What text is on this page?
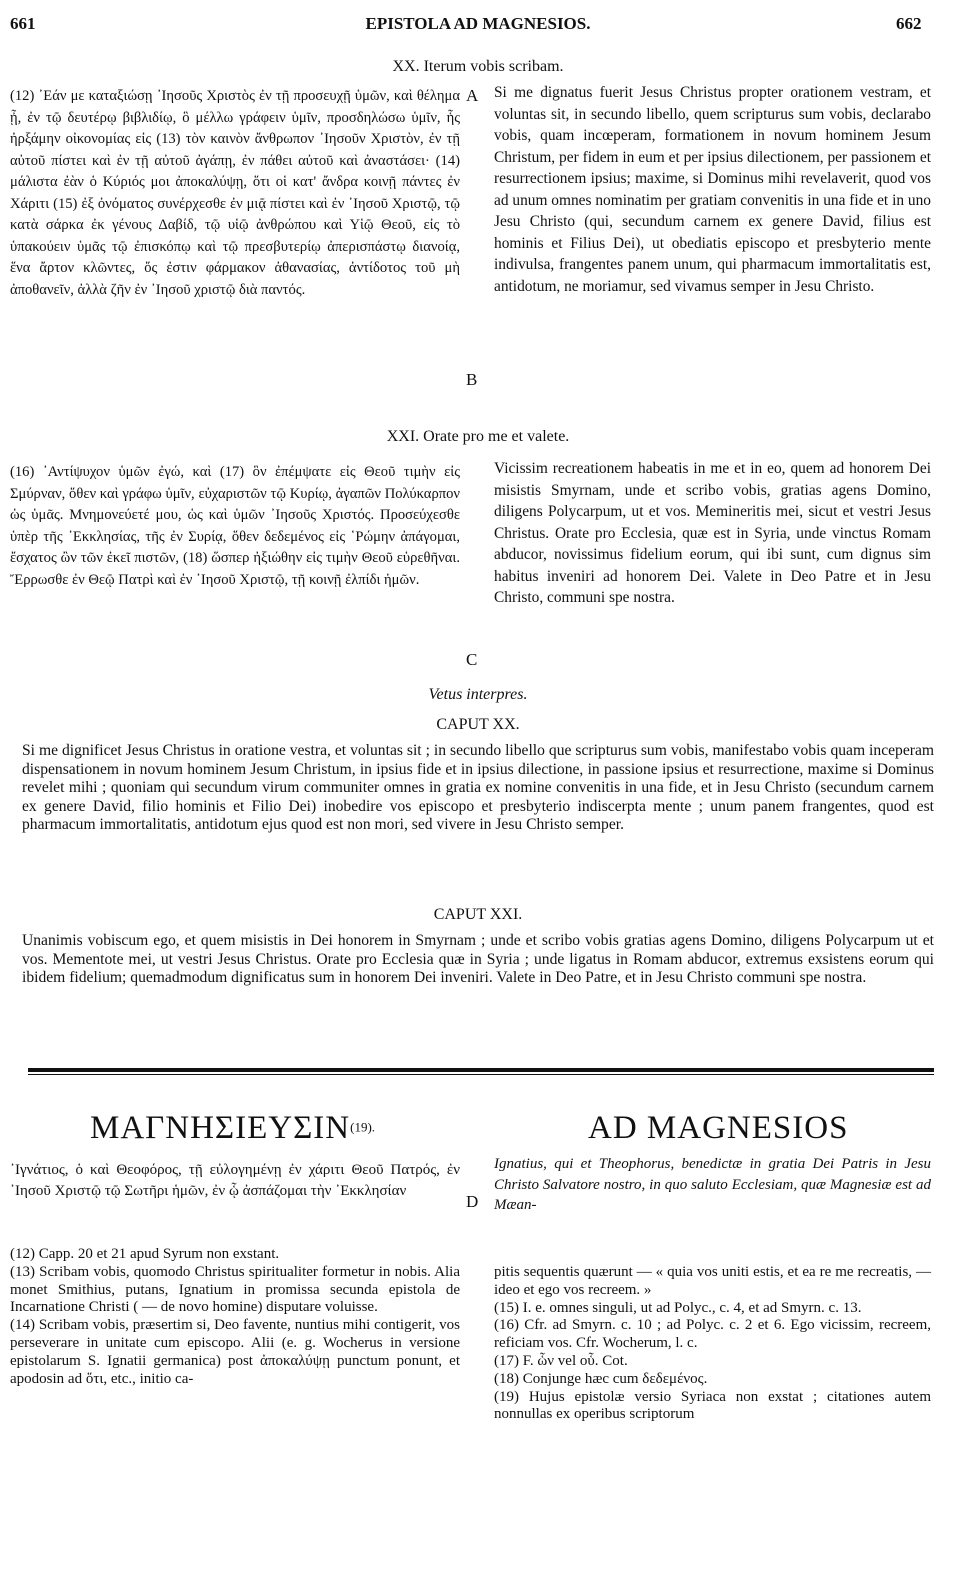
661	EPISTOLA AD MAGNESIOS.	662
XX. Iterum vobis scribam.
(12) ᾿Εάν με καταξιώσῃ ᾿Ιησοῦς Χριστὸς ἐν τῇ προσευχῇ ὑμῶν, καὶ θέλημα ᾖ, ἐν τῷ δευτέρῳ βιβλιδίῳ, ὃ μέλλω γράφειν ὑμῖν, προσδηλώσω ὑμῖν, ἧς ἠρξάμην οἰκονομίας εἰς (13) τὸν καινὸν ἄνθρωπον ᾿Ιησοῦν Χριστὸν, ἐν τῇ αὐτοῦ πίστει καὶ ἐν τῇ αὐτοῦ ἀγάπῃ, ἐν πάθει αὐτοῦ καὶ ἀναστάσει· (14) μάλιστα ἐὰν ὁ Κύριός μοι ἀποκαλύψῃ, ὅτι οἱ κατ' ἄνδρα κοινῇ πάντες ἐν Χάριτι (15) ἐξ ὀνόματος συνέρχεσθε ἐν μιᾷ πίστει καὶ ἐν ᾿Ιησοῦ Χριστῷ, τῷ κατὰ σάρκα ἐκ γένους Δαβίδ, τῷ υἱῷ ἀνθρώπου καὶ Υἱῷ Θεοῦ, εἰς τὸ ὑπακούειν ὑμᾶς τῷ ἐπισκόπῳ καὶ τῷ πρεσβυτερίῳ ἀπερισπάστῳ διανοίᾳ, ἕνα ἄρτον κλῶντες, ὅς ἐστιν φάρμακον ἀθανασίας, ἀντίδοτος τοῦ μὴ ἀποθανεῖν, ἀλλὰ ζῆν ἐν ᾿Ιησοῦ χριστῷ διὰ παντός.
A
B
Si me dignatus fuerit Jesus Christus propter orationem vestram, et voluntas sit, in secundo libello, quem scripturus sum vobis, declarabo vobis, quam incœperam, formationem in novum hominem Jesum Christum, per fidem in eum et per ipsius dilectionem, per passionem et resurrectionem ipsius; maxime, si Dominus mihi revelaverit, quod vos ad unum omnes nominatim per gratiam convenitis in una fide et in uno Jesu Christo (qui, secundum carnem ex genere David, filius est hominis et Filius Dei), ut obediatis episcopo et presbyterio mente indivulsa, frangentes panem unum, qui pharmacum immortalitatis est, antidotum, ne moriamur, sed vivamus semper in Jesu Christo.
XXI. Orate pro me et valete.
(16) ᾿Αντίψυχον ὑμῶν ἐγώ, καὶ (17) ὃν ἐπέμψατε εἰς Θεοῦ τιμὴν εἰς Σμύρναν, ὅθεν καὶ γράφω ὑμῖν, εὐχαριστῶν τῷ Κυρίῳ, ἀγαπῶν Πολύκαρπον ὡς ὑμᾶς. Μνημονεύετέ μου, ὡς καὶ ὑμῶν ᾿Ιησοῦς Χριστός. Προσεύχεσθε ὑπὲρ τῆς ᾿Εκκλησίας, τῆς ἐν Συρίᾳ, ὅθεν δεδεμένος εἰς ῾Ρώμην ἀπάγομαι, ἔσχατος ὢν τῶν ἐκεῖ πιστῶν, (18) ὥσπερ ἠξιώθην εἰς τιμὴν Θεοῦ εὑρεθῆναι. Ἔρρωσθε ἐν Θεῷ Πατρὶ καὶ ἐν ᾿Ιησοῦ Χριστῷ, τῇ κοινῇ ἐλπίδι ἡμῶν.
C
Vicissim recreationem habeatis in me et in eo, quem ad honorem Dei misistis Smyrnam, unde et scribo vobis, gratias agens Domino, diligens Polycarpum, ut et vos. Memineritis mei, sicut et vestri Jesus Christus. Orate pro Ecclesia, quæ est in Syria, unde vinctus Romam abducor, novissimus fidelium eorum, qui ibi sunt, cum dignus sim habitus inveniri ad honorem Dei. Valete in Deo Patre et in Jesu Christo, communi spe nostra.
Vetus interpres.
CAPUT XX.
Si me dignificet Jesus Christus in oratione vestra, et voluntas sit ; in secundo libello que scripturus sum vobis, manifestabo vobis quam inceperam dispensationem in novum hominem Jesum Christum, in ipsius fide et in ipsius dilectione, in passione ipsius et resurrectione, maxime si Dominus revelet mihi ; quoniam qui secundum virum communiter omnes in gratia ex nomine convenitis in una fide, et in Jesu Christo (secundum carnem ex genere David, filio hominis et Filio Dei) inobedire vos episcopo et presbyterio indiscerpta mente ; unum panem frangentes, quod est pharmacum immortalitatis, antidotum ejus quod est non mori, sed vivere in Jesu Christo semper.
CAPUT XXI.
Unanimis vobiscum ego, et quem misistis in Dei honorem in Smyrnam ; unde et scribo vobis gratias agens Domino, diligens Polycarpum ut et vos. Mementote mei, ut vestri Jesus Christus. Orate pro Ecclesia quæ in Syria ; unde ligatus in Romam abducor, extremus exsistens eorum qui ibidem fidelium; quemadmodum dignificatus sum in honorem Dei inveniri. Valete in Deo Patre, et in Jesu Christo communi spe nostra.
$MA\Gamma NH\Sigma IE\Upsilon\Sigma IN^{(19).}$	AD MAGNESIOS
᾿Ιγνάτιος, ὁ καὶ Θεοφόρος, τῇ εὐλογημένῃ ἐν χάριτι Θεοῦ Πατρός, ἐν ᾿Ιησοῦ Χριστῷ τῷ Σωτῆρι ἡμῶν, ἐν ᾧ ἀσπάζομαι τὴν ᾿Εκκλησίαν
D
Ignatius, qui et Theophorus, benedictæ in gratia Dei Patris in Jesu Christo Salvatore nostro, in quo saluto Ecclesiam, quæ Magnesiæ est ad Mæan-

(12) Capp. 20 et 21 apud Syrum non exstant.

(13) Scribam vobis, quomodo Christus spiritualiter formetur in nobis. Alia monet Smithius, putans, Ignatium in promissa secunda epistola de Incarnatione Christi ( — de novo homine) disputare voluisse.

(14) Scribam vobis, præsertim si, Deo favente, nuntius mihi contigerit, vos perseverare in unitate cum episcopo. Alii (e. g. Wocherus in versione epistolarum S. Ignatii germanica) post ἀποκαλύψῃ punctum ponunt, et apodosin ad ὅτι, etc., initio ca-

pitis sequentis quærunt — « quia vos uniti estis, et ea re me recreatis, — ideo et ego vos recreem. »

(15) I. e. omnes singuli, ut ad Polyc., c. 4, et ad Smyrn. c. 13.

(16) Cfr. ad Smyrn. c. 10 ; ad Polyc. c. 2 et 6. Ego vicissim, recreem, reficiam vos. Cfr. Wocherum, l. c.

(17) F. ὧν vel οὗ. Cot.

(18) Conjunge hæc cum δεδεμένος.

(19) Hujus epistolæ versio Syriaca non exstat ; citationes autem nonnullas ex operibus scriptorum
